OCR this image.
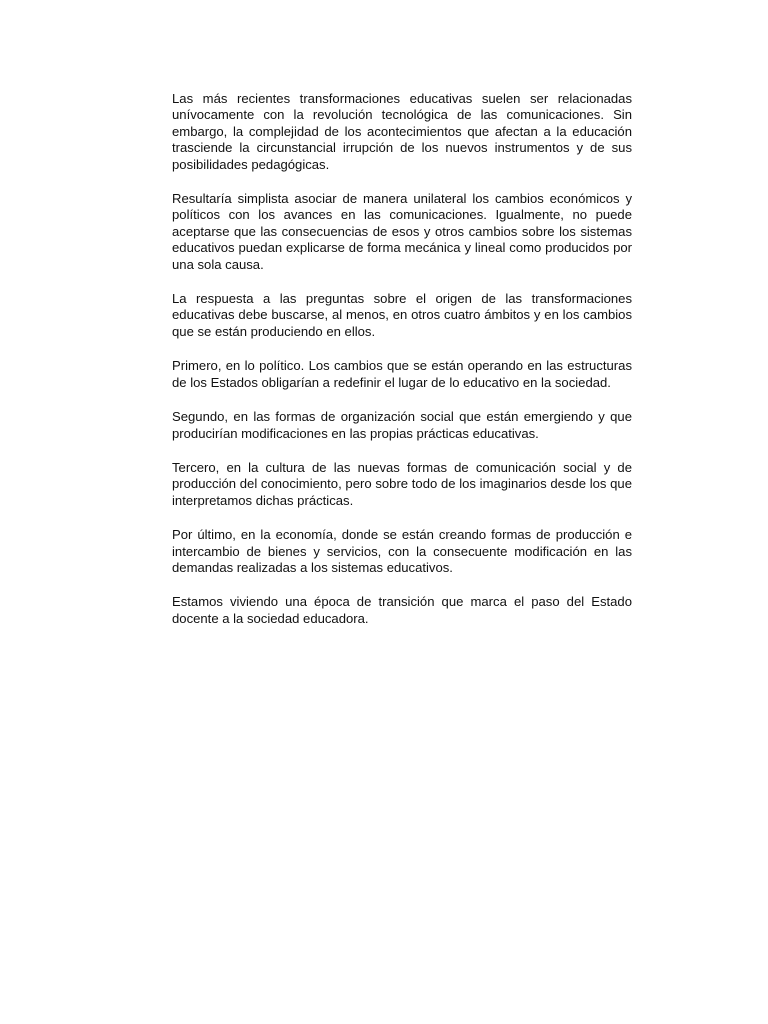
Las más recientes transformaciones educativas suelen ser relacionadas unívocamente con la revolución tecnológica de las comunicaciones. Sin embargo, la complejidad de los acontecimientos que afectan a la educación trasciende la circunstancial irrupción de los nuevos instrumentos y de sus posibilidades pedagógicas.

Resultaría simplista asociar de manera unilateral los cambios económicos y políticos con los avances en las comunicaciones. Igualmente, no puede aceptarse que las consecuencias de esos y otros cambios sobre los sistemas educativos puedan explicarse de forma mecánica y lineal como producidos por una sola causa.

La respuesta a las preguntas sobre el origen de las transformaciones educativas debe buscarse, al menos, en otros cuatro ámbitos y en los cambios que se están produciendo en ellos.

Primero, en lo político. Los cambios que se están operando en las estructuras de los Estados obligarían a redefinir el lugar de lo educativo en la sociedad.

Segundo, en las formas de organización social que están emergiendo y que producirían modificaciones en las propias prácticas educativas.

Tercero, en la cultura de las nuevas formas de comunicación social y de producción del conocimiento, pero sobre todo de los imaginarios desde los que interpretamos dichas prácticas.

Por último, en la economía, donde se están creando formas de producción e intercambio de bienes y servicios, con la consecuente modificación en las demandas realizadas a los sistemas educativos.

Estamos viviendo una época de transición que marca el paso del Estado docente a la sociedad educadora.
